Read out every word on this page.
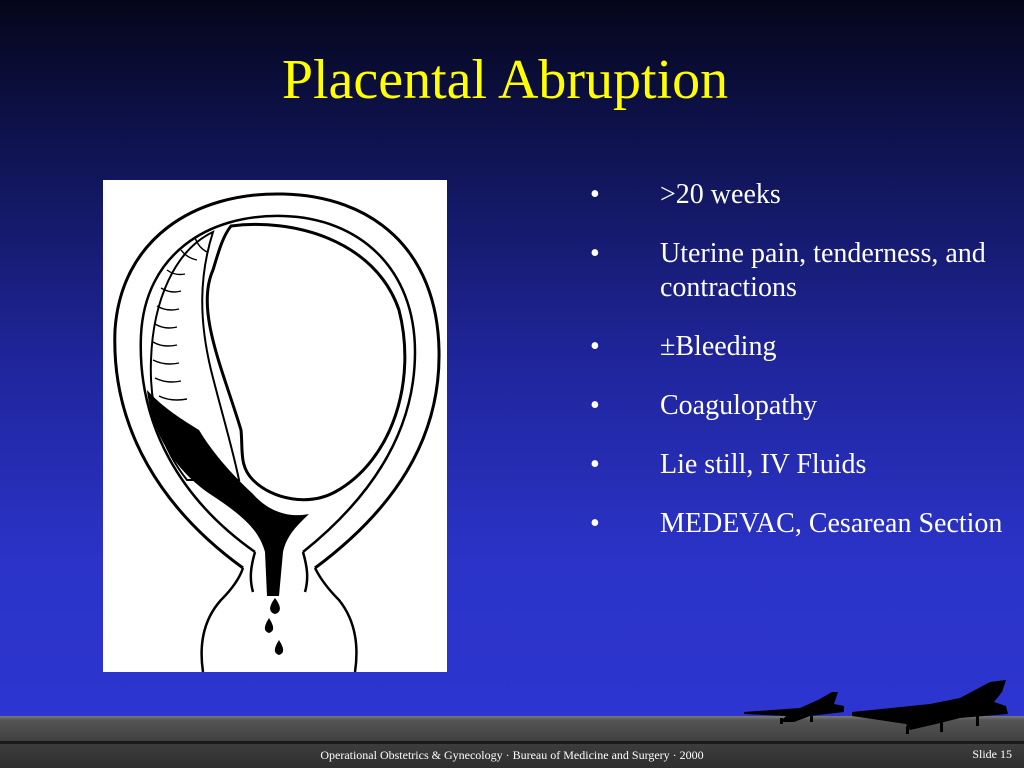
Placental Abruption
• >20 weeks
• Uterine pain, tenderness, and contractions
• ±Bleeding
• Coagulopathy
• Lie still, IV Fluids
• MEDEVAC, Cesarean Section
Operational Obstetrics & Gynecology · Bureau of Medicine and Surgery · 2000	Slide 15
